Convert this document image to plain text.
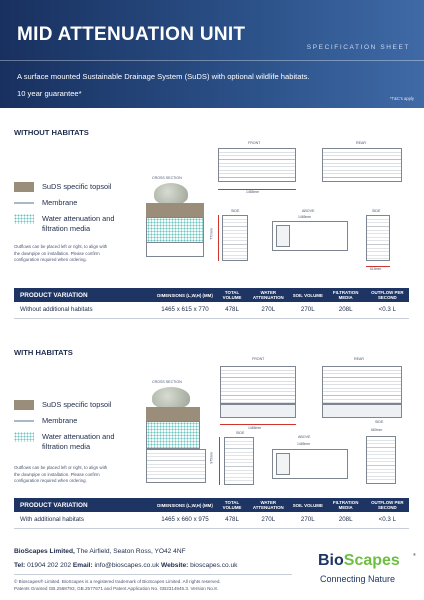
MID ATTENUATION UNIT
SPECIFICATION SHEET
A surface mounted Sustainable Drainage System (SuDS) with optional wildlife habitats.
10 year guarantee*
*T&C's apply
WITHOUT HABITATS
SuDS specific topsoil
Membrane
Water attenuation and
filtration media
Outflows can be placed left or right, to align with
the downpipe on installation. Please confirm
configuration required when ordering.
CROSS SECTION
FRONT
1465mm
REAR
SIDE
770mm
ABOVE
1465mm
SIDE
615mm
PRODUCT VARIATION	DIMENSIONS (L,W,H) (MM)	TOTAL VOLUME	WATER ATTENUATION	SOIL VOLUME	FILTRATION MEDIA	OUTFLOW PER SECOND
Without additional habitats	1465 x 615 x 770	478L	270L	270L	208L	<0.3 L
WITH HABITATS
SuDS specific topsoil
Membrane
Water attenuation and
filtration media
Outflows can be placed left or right, to align with
the downpipe on installation. Please confirm
configuration required when ordering.
CROSS SECTION
FRONT
1465mm
REAR
SIDE
975mm
ABOVE
1465mm
SIDE
660mm
PRODUCT VARIATION	DIMENSIONS (L,W,H) (MM)	TOTAL VOLUME	WATER ATTENUATION	SOIL VOLUME	FILTRATION MEDIA	OUTFLOW PER SECOND
With additional habitats	1465 x 660 x 975	478L	270L	270L	208L	<0.3 L
BioScapes Limited, The Airfield, Seaton Ross, YO42 4NF
Tel: 01904 202 202 Email: info@bioscapes.co.uk Website: bioscapes.co.uk
© Bioscapes® Limited. BioScapes is a registered trademark of BioScapes Limited. All rights reserved.
Patents Granted GB.2568793, GB.2577671 and Patent Application No. GB2314945.3. Version No.8.
BioScapes	®
Connecting Nature
